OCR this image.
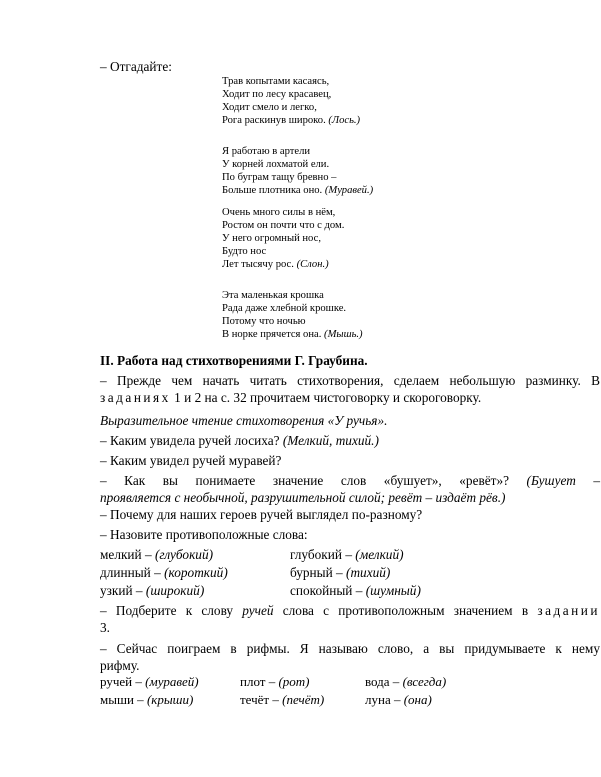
– Отгадайте:
Трав копытами касаясь,
Ходит по лесу красавец,
Ходит смело и легко,
Рога раскинув широко. (Лось.)
Я работаю в артели
У корней лохматой ели.
По буграм тащу бревно –
Больше плотника оно. (Муравей.)
Очень много силы в нём,
Ростом он почти что с дом.
У него огромный нос,
Будто нос
Лет тысячу рос. (Слон.)
Эта маленькая крошка
Рада даже хлебной крошке.
Потому что ночью
В норке прячется она. (Мышь.)
II. Работа над стихотворениями Г. Граубина.
– Прежде чем начать читать стихотворения, сделаем небольшую разминку. В
заданиях 1 и 2 на с. 32 прочитаем чистоговорку и скороговорку.
Выразительное чтение стихотворения «У ручья».
– Каким увидела ручей лосиха? (Мелкий, тихий.)
– Каким увидел ручей муравей?
– Как вы понимаете значение слов «бушует», «ревёт»? (Бушует –
проявляется с необычной, разрушительной силой; ревёт – издаёт рёв.)
– Почему для наших героев ручей выглядел по-разному?
– Назовите противоположные слова:
мелкий – (глубокий)	глубокий – (мелкий)
длинный – (короткий)	бурный – (тихий)
узкий – (широкий)	спокойный – (шумный)
– Подберите к слову ручей слова с противоположным значением в задании
3.
– Сейчас поиграем в рифмы. Я называю слово, а вы придумываете к нему
рифму.
ручей – (муравей)	плот – (рот)	вода – (всегда)
мыши – (крыши)	течёт – (печёт)	луна – (она)
